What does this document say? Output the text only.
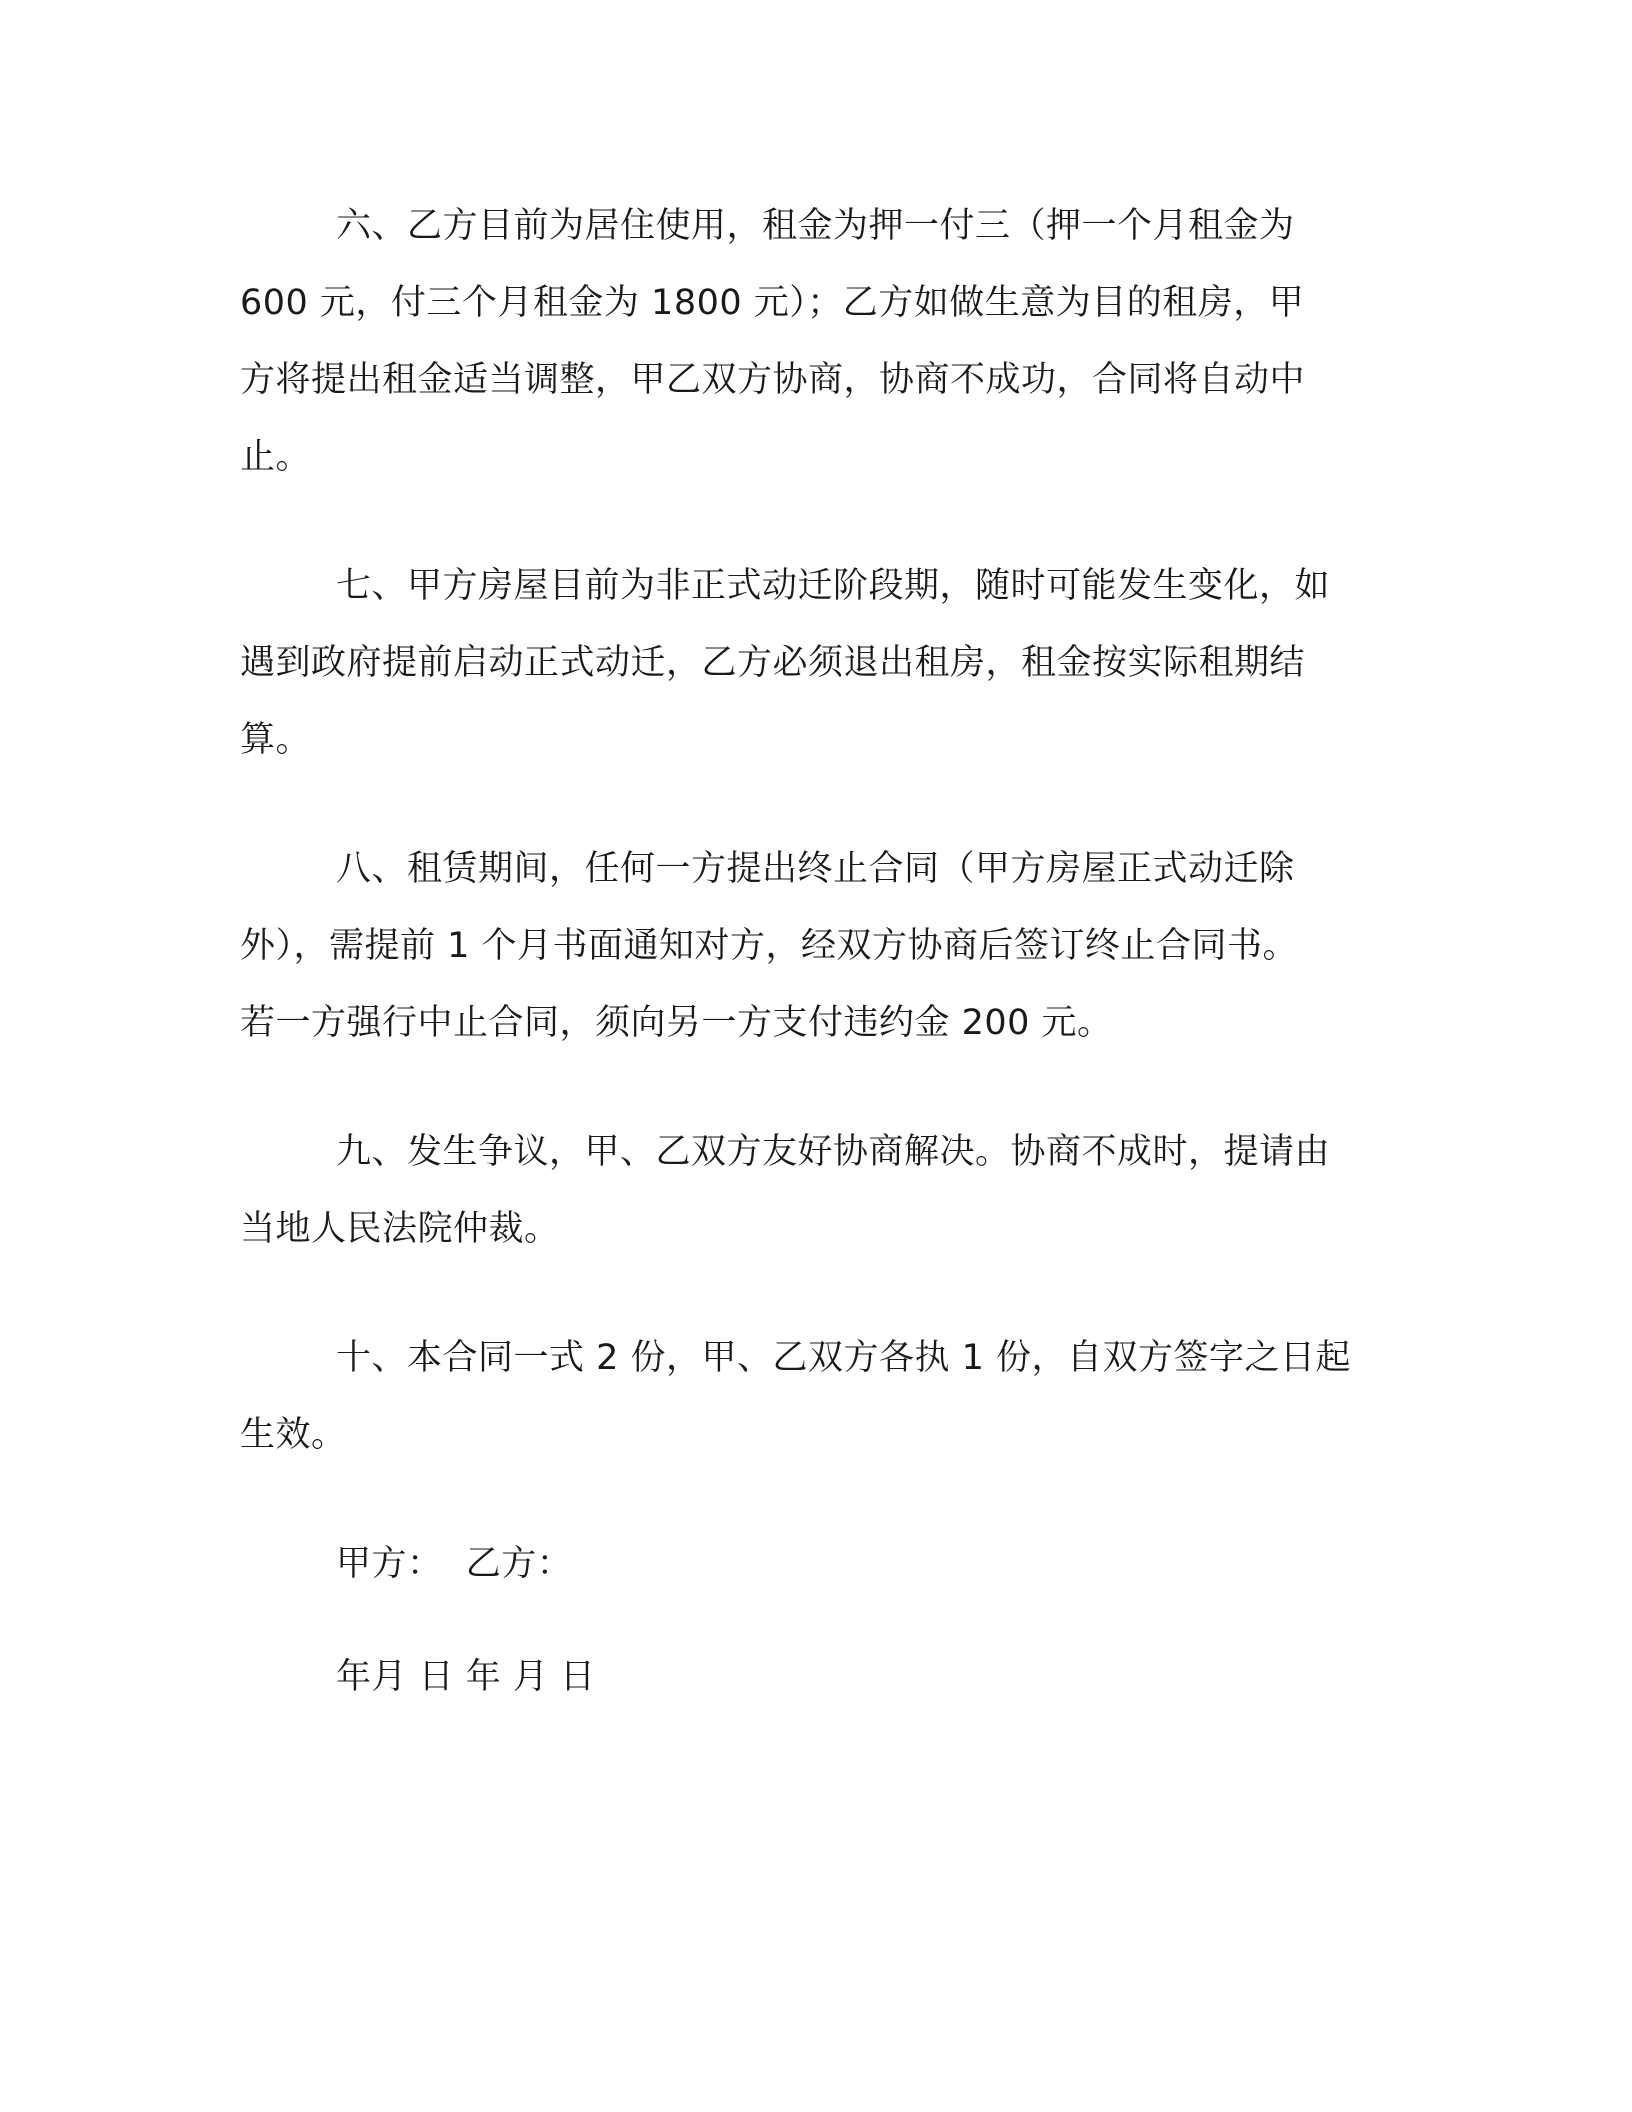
六、乙方目前为居住使用，租金为押一付三（押一个月租金为
600 元，付三个月租金为 1800 元）；乙方如做生意为目的租房，甲
方将提出租金适当调整，甲乙双方协商，协商不成功，合同将自动中
止。

七、甲方房屋目前为非正式动迁阶段期，随时可能发生变化，如
遇到政府提前启动正式动迁，乙方必须退出租房，租金按实际租期结
算。

八、租赁期间，任何一方提出终止合同（甲方房屋正式动迁除
外），需提前 1 个月书面通知对方，经双方协商后签订终止合同书。
若一方强行中止合同，须向另一方支付违约金 200 元。

九、发生争议，甲、乙双方友好协商解决。协商不成时，提请由
当地人民法院仲裁。

十、本合同一式 2 份，甲、乙双方各执 1 份，自双方签字之日起
生效。

甲方：  乙方：

年月 日 年 月 日
